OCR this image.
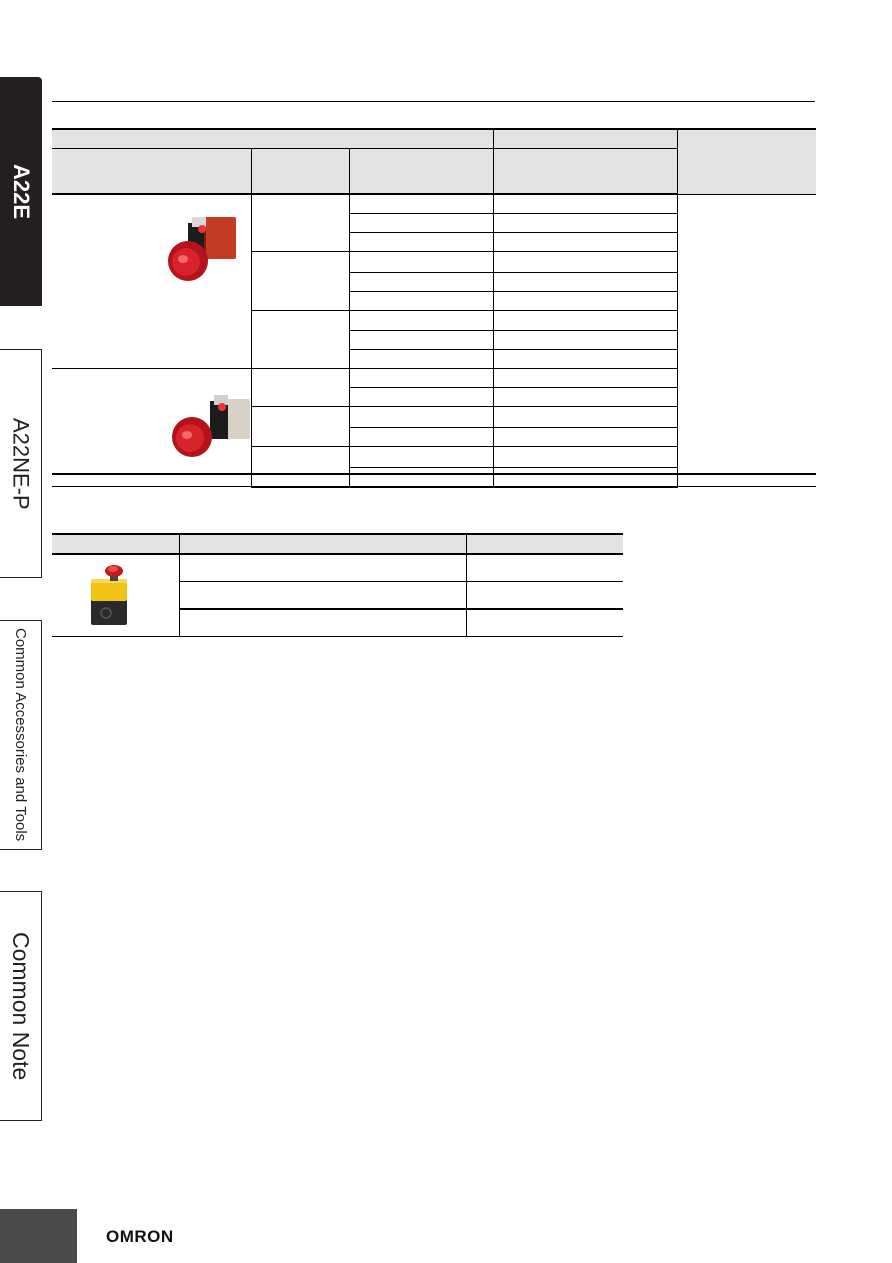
A22E
A22NE-P
Common Accessories and Tools
Common Note

OMRON
